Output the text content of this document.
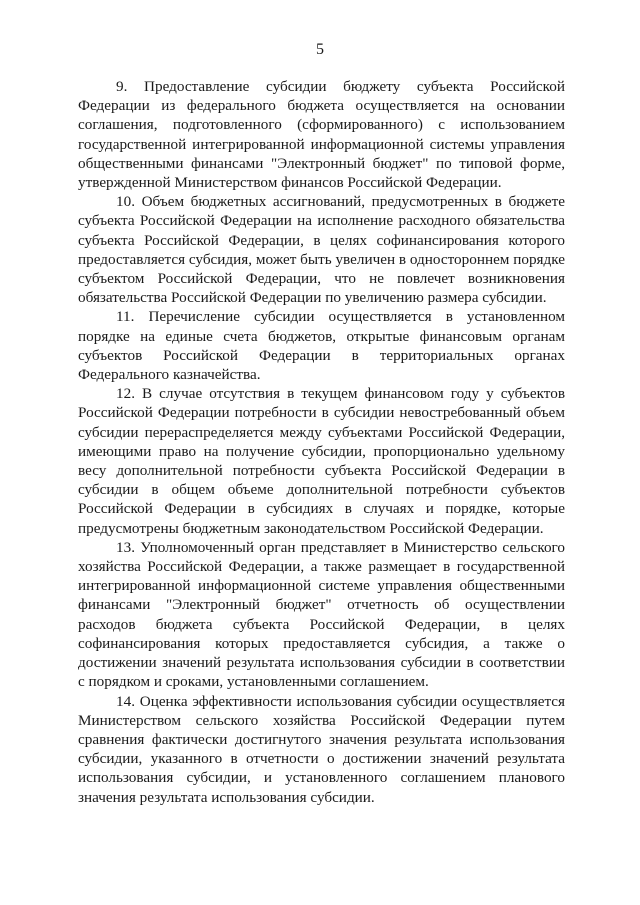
5

9. Предоставление субсидии бюджету субъекта Российской Федерации из федерального бюджета осуществляется на основании соглашения, подготовленного (сформированного) с использованием государственной интегрированной информационной системы управления общественными финансами "Электронный бюджет" по типовой форме, утвержденной Министерством финансов Российской Федерации.

10. Объем бюджетных ассигнований, предусмотренных в бюджете субъекта Российской Федерации на исполнение расходного обязательства субъекта Российской Федерации, в целях софинансирования которого предоставляется субсидия, может быть увеличен в одностороннем порядке субъектом Российской Федерации, что не повлечет возникновения обязательства Российской Федерации по увеличению размера субсидии.

11. Перечисление субсидии осуществляется в установленном порядке на единые счета бюджетов, открытые финансовым органам субъектов Российской Федерации в территориальных органах Федерального казначейства.

12. В случае отсутствия в текущем финансовом году у субъектов Российской Федерации потребности в субсидии невостребованный объем субсидии перераспределяется между субъектами Российской Федерации, имеющими право на получение субсидии, пропорционально удельному весу дополнительной потребности субъекта Российской Федерации в субсидии в общем объеме дополнительной потребности субъектов Российской Федерации в субсидиях в случаях и порядке, которые предусмотрены бюджетным законодательством Российской Федерации.

13. Уполномоченный орган представляет в Министерство сельского хозяйства Российской Федерации, а также размещает в государственной интегрированной информационной системе управления общественными финансами "Электронный бюджет" отчетность об осуществлении расходов бюджета субъекта Российской Федерации, в целях софинансирования которых предоставляется субсидия, а также о достижении значений результата использования субсидии в соответствии с порядком и сроками, установленными соглашением.

14. Оценка эффективности использования субсидии осуществляется Министерством сельского хозяйства Российской Федерации путем сравнения фактически достигнутого значения результата использования субсидии, указанного в отчетности о достижении значений результата использования субсидии, и установленного соглашением планового значения результата использования субсидии.
